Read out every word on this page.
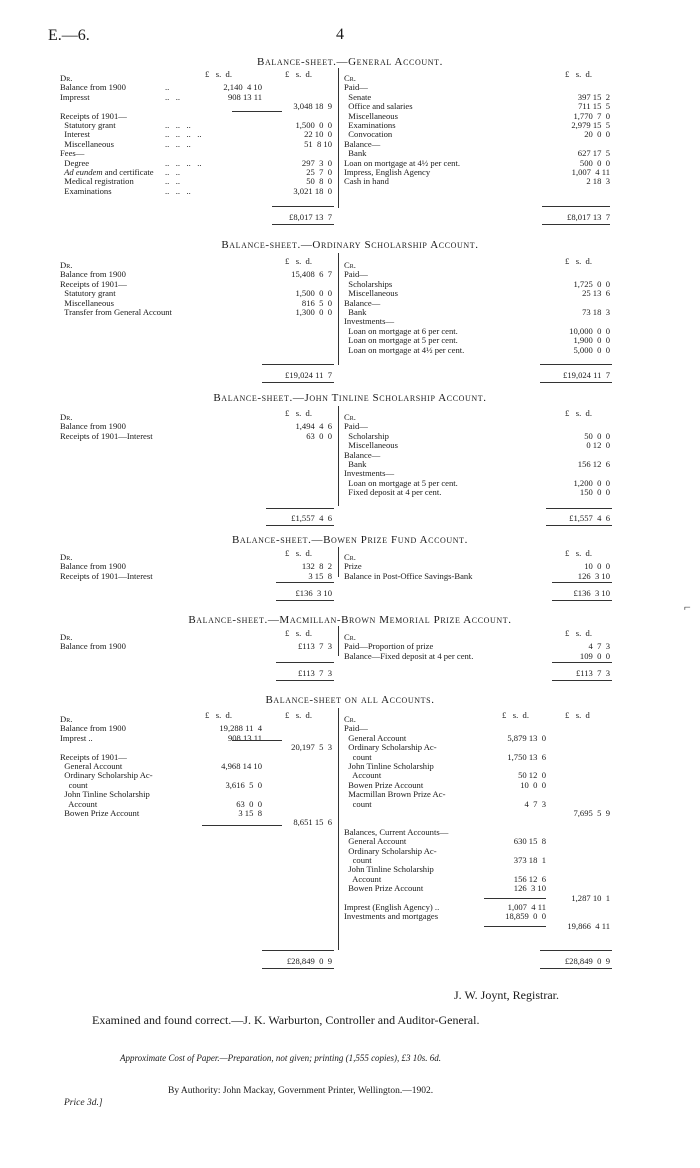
E.—6.	4
Balance-sheet.—General Account.
£   s.  d.	£   s.  d.	£   s.  d.
Dr.
Balance from 1900	..	2,140  4 10
Impresst	..   ..	908 13 11
3,048 18  9
Receipts of 1901—
Statutory grant	..   ..   ..	1,500  0  0
Interest	..   ..   ..   ..	22 10  0
Miscellaneous	..   ..   ..	51  8 10
Fees—
Degree	..   ..   ..   ..	297  3  0
Ad eundem and certificate ..   ..	25  7  0
Medical registration	..   ..	50  8  0
Examinations	..   ..   ..	3,021 18  0
Cr.
Paid—
Senate	397 15  2
Office and salaries	711 15  5
Miscellaneous	1,770  7  0
Examinations	2,979 15  5
Convocation	20  0  0
Balance—
Bank	627 17  5
Loan on mortgage at 4½ per cent.	500  0  0
Impress, English Agency	1,007  4 11
Cash in hand	2 18  3
£8,017 13  7	£8,017 13  7
Balance-sheet.—Ordinary Scholarship Account.
£   s.  d.	£   s.  d.
Dr.
Balance from 1900	15,408  6  7
Receipts of 1901—
Statutory grant	1,500  0  0
Miscellaneous	816  5  0
Transfer from General Account	1,300  0  0
Cr.
Paid—
Scholarships	1,725  0  0
Miscellaneous	25 13  6
Balance—
Bank	73 18  3
Investments—
Loan on mortgage at 6 per cent.	10,000  0  0
Loan on mortgage at 5 per cent.	1,900  0  0
Loan on mortgage at 4½ per cent.	5,000  0  0
£19,024 11  7	£19,024 11  7
Balance-sheet.—John Tinline Scholarship Account.
£   s.  d.	£   s.  d.
Dr.
Balance from 1900	1,494  4  6
Receipts of 1901—Interest	63  0  0
Cr.
Paid—
Scholarship	50  0  0
Miscellaneous	0 12  0
Balance—
Bank	156 12  6
Investments—
Loan on mortgage at 5 per cent.	1,200  0  0
Fixed deposit at 4 per cent.	150  0  0
£1,557  4  6	£1,557  4  6
Balance-sheet.—Bowen Prize Fund Account.
£   s.  d.	£   s.  d.
Dr.
Balance from 1900	132  8  2
Receipts of 1901—Interest	3 15  8
Cr.
Prize	10  0  0
Balance in Post-Office Savings-Bank	126  3 10
£136  3 10	£136  3 10
Balance-sheet.—Macmillan-Brown Memorial Prize Account.
£   s.  d.	£   s.  d.
Dr.
Balance from 1900	£113  7  3
Cr.
Paid—Proportion of prize	4  7  3
Balance—Fixed deposit at 4 per cent.	109  0  0
£113  7  3	£113  7  3
Balance-sheet on all Accounts.
£   s.  d.	£   s.  d.	£   s.  d.	£   s.  d
Dr.
Balance from 1900	19,288 11  4
Imprest ..	908 13 11
20,197  5  3
Receipts of 1901—
General Account	4,968 14 10
Ordinary Scholarship Ac-
count	3,616  5  0
John Tinline Scholarship
Account	63  0  0
Bowen Prize Account	3 15  8
8,651 15  6
Cr.
Paid—
General Account	5,879 13  0
Ordinary Scholarship Ac-
count	1,750 13  6
John Tinline Scholarship
Account	50 12  0
Bowen Prize Account	10  0  0
Macmillan Brown Prize Ac-
count	4  7  3
7,695  5  9
Balances, Current Accounts—
General Account	630 15  8
Ordinary Scholarship Ac-
count	373 18  1
John Tinline Scholarship
Account	156 12  6
Bowen Prize Account	126  3 10
1,287 10  1
Imprest (English Agency) ..	1,007  4 11
Investments and mortgages	18,859  0  0
19,866  4 11
£28,849  0  9	£28,849  0  9
J. W. Joynt, Registrar.
Examined and found correct.—J. K. Warburton, Controller and Auditor-General.
Approximate Cost of Paper.—Preparation, not given; printing (1,555 copies), £3 10s. 6d.
By Authority: John Mackay, Government Printer, Wellington.—1902.
Price 3d.]
⌐
